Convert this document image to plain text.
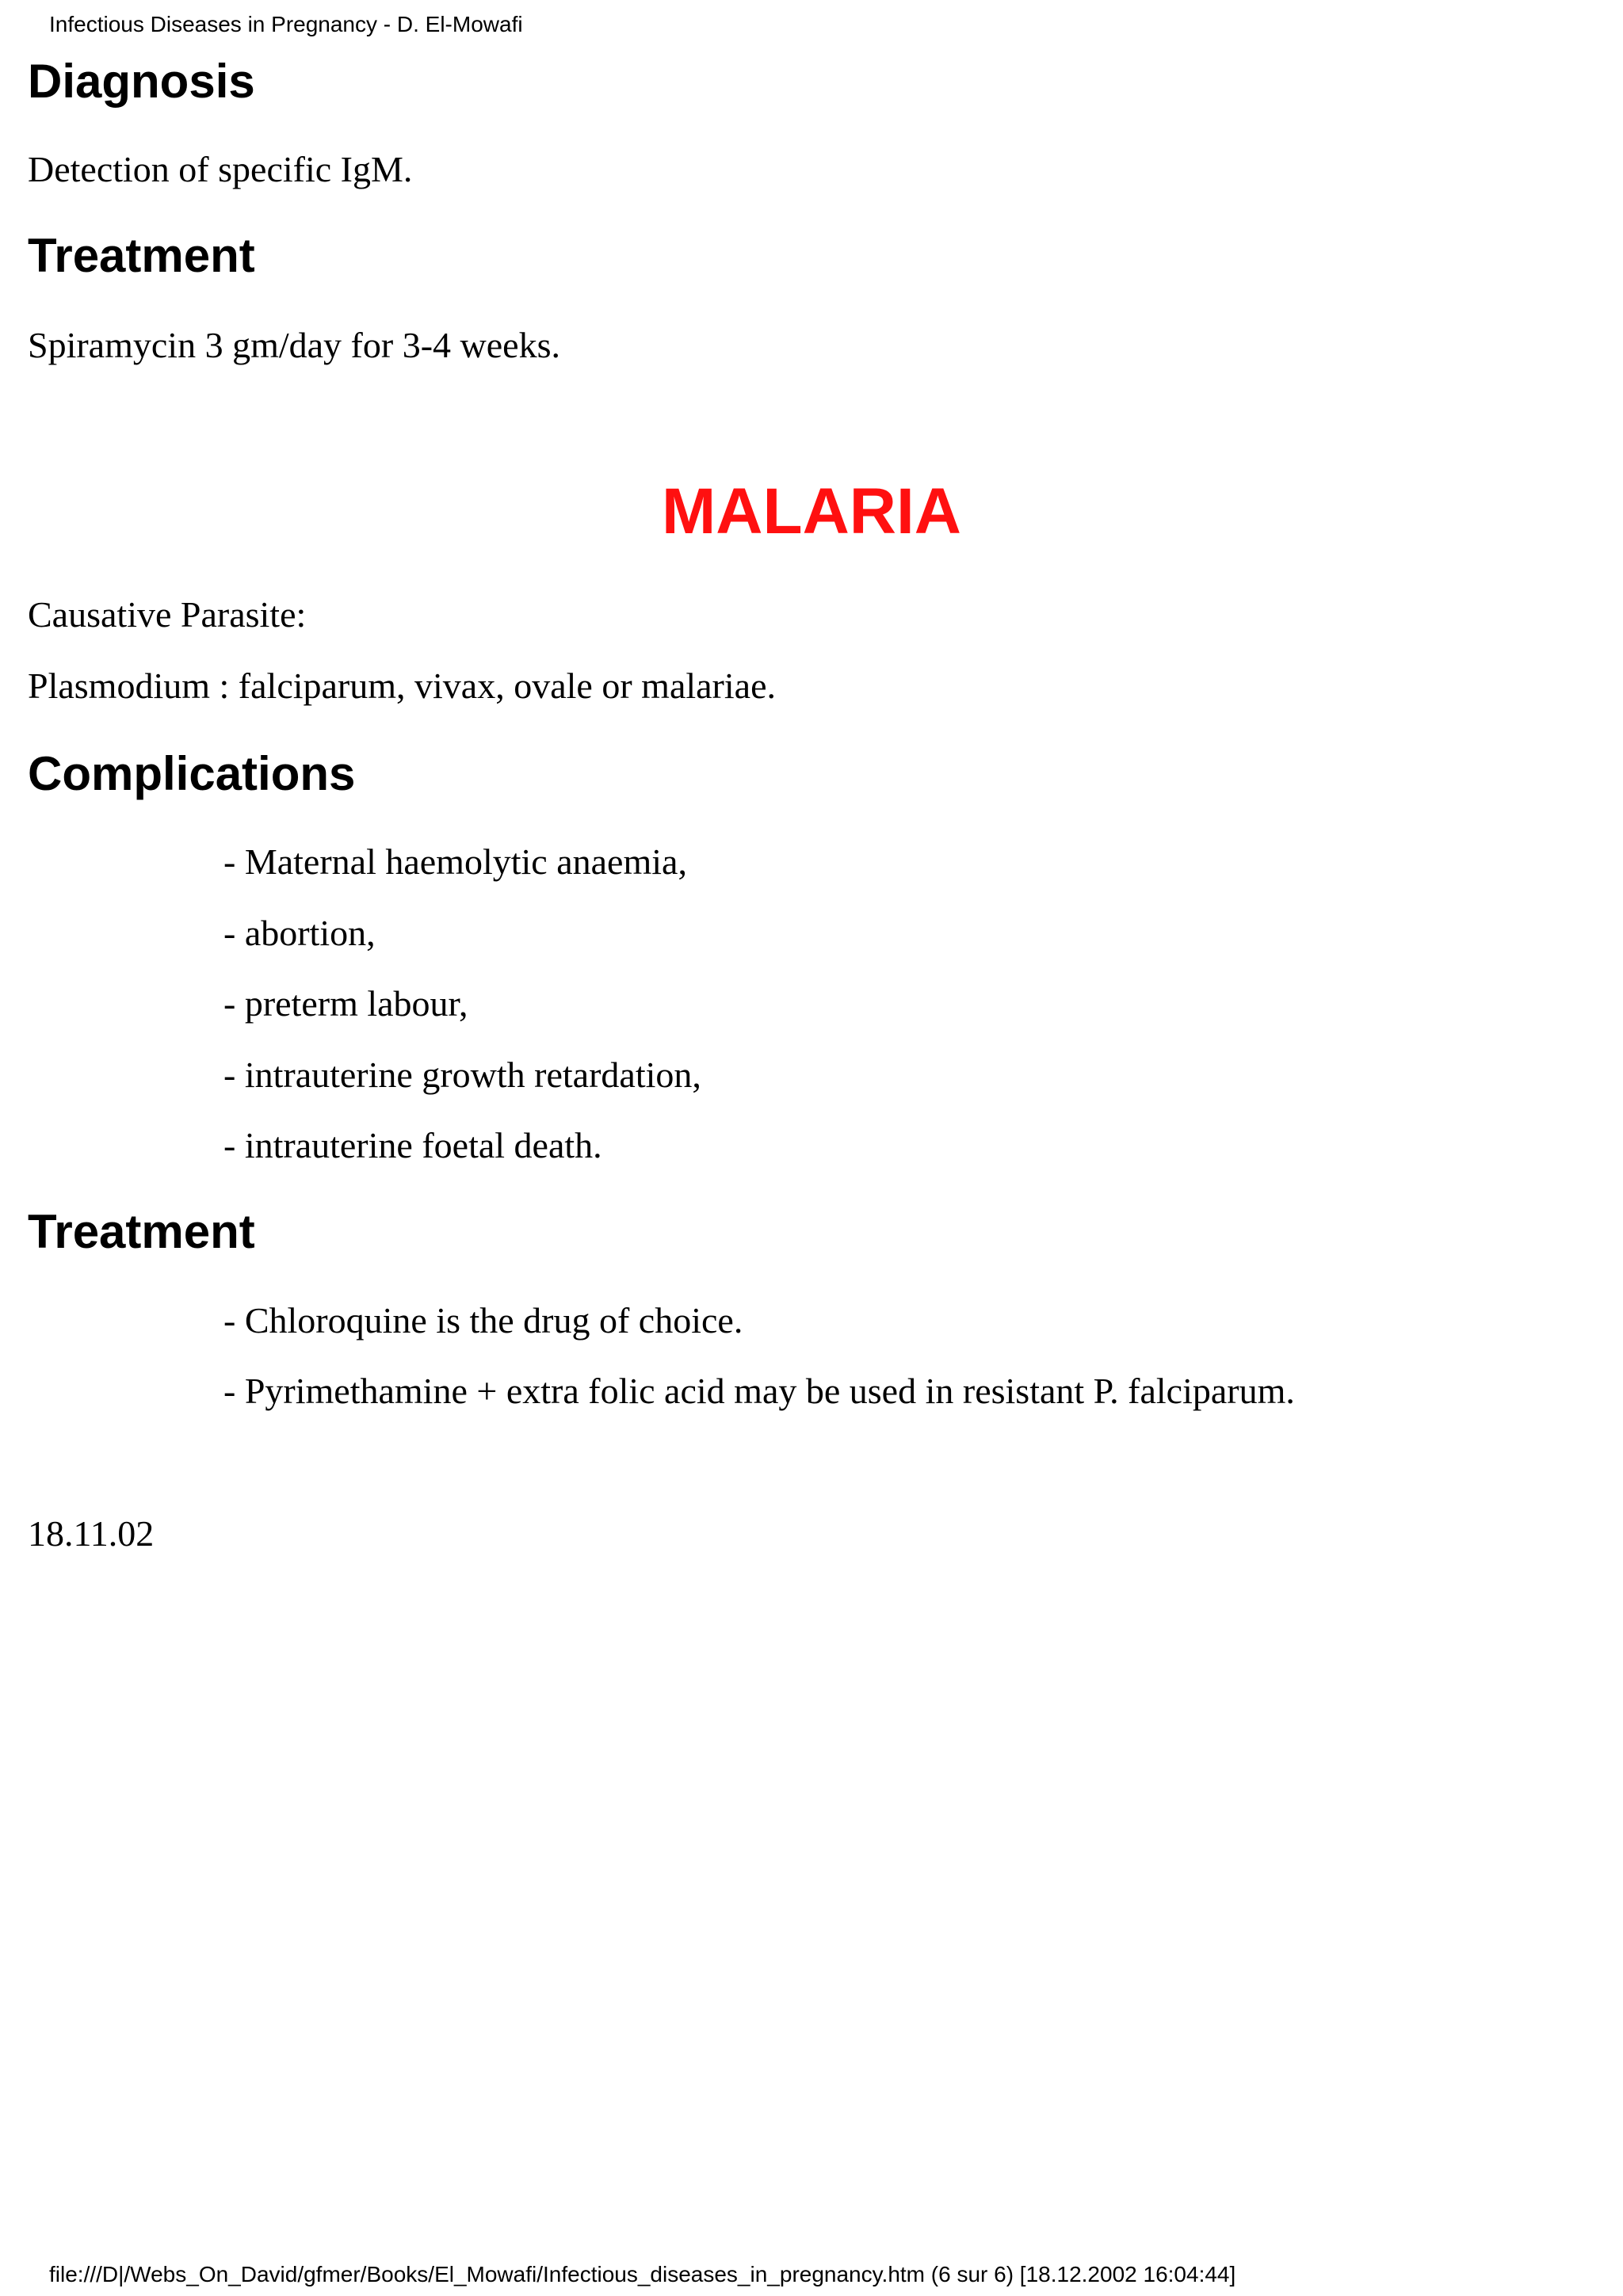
Infectious Diseases in Pregnancy - D. El-Mowafi
Diagnosis

Detection of specific IgM.

Treatment

Spiramycin 3 gm/day for 3-4 weeks.

MALARIA

Causative Parasite:

Plasmodium : falciparum, vivax, ovale or malariae.

Complications

- Maternal haemolytic anaemia,

- abortion,

- preterm labour,

- intrauterine growth retardation,

- intrauterine foetal death.

Treatment

- Chloroquine is the drug of choice.

- Pyrimethamine + extra folic acid may be used in resistant P. falciparum.

18.11.02

file:///D|/Webs_On_David/gfmer/Books/El_Mowafi/Infectious_diseases_in_pregnancy.htm (6 sur 6) [18.12.2002 16:04:44]
